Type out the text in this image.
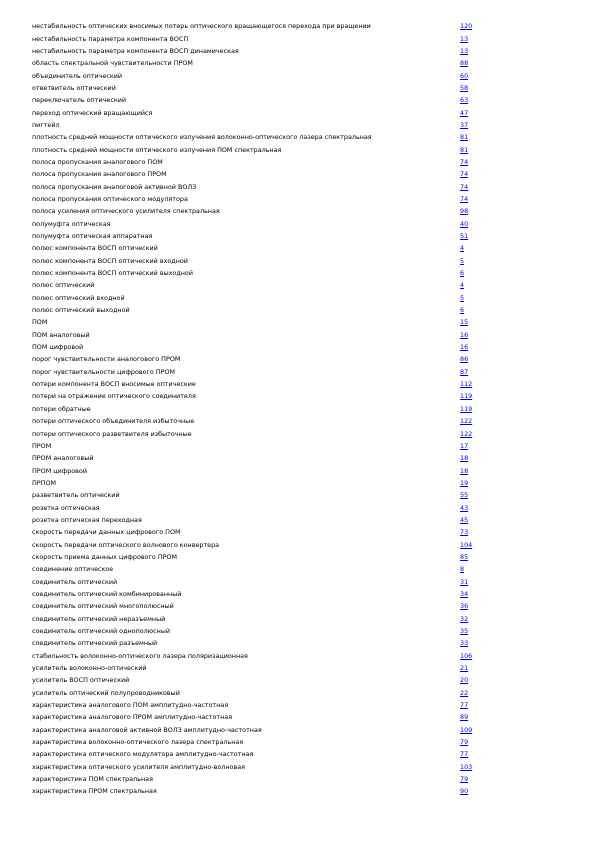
нестабильность оптических вносимых потерь оптического вращающегося перехода при вращении	120
нестабильность параметра компонента ВОСП	13
нестабильность параметра компонента ВОСП динамическая	13
область спектральной чувствительности ПРОМ	88
объединитель оптический	60
ответвитель оптический	58
переключатель оптический	63
переход оптический вращающийся	47
пигтейл	37
плотность средней мощности оптического излучения волоконно-оптического лазера спектральная	81
плотность средней мощности оптического излучения ПОМ спектральная	81
полоса пропускания аналогового ПОМ	74
полоса пропускания аналогового ПРОМ	74
полоса пропускания аналоговой активной ВОЛЗ	74
полоса пропускания оптического модулятора	74
полоса усиления оптического усилителя спектральная	98
полумуфта оптическая	40
полумуфта оптическая аппаратная	51
полюс компонента ВОСП оптический	4
полюс компонента ВОСП оптический входной	5
полюс компонента ВОСП оптический выходной	6
полюс оптический	4
полюс оптический входной	5
полюс оптический выходной	6
ПОМ	15
ПОМ аналоговый	16
ПОМ цифровой	16
порог чувствительности аналогового ПРОМ	86
порог чувствительности цифрового ПРОМ	87
потери компонента ВОСП вносимые оптические	112
потери на отражение оптического соединителя	119
потери обратные	119
потери оптического объединителя избыточные	122
потери оптического разветвителя избыточные	122
ПРОМ	17
ПРОМ аналоговый	18
ПРОМ цифровой	18
ПРПОМ	19
разветвитель оптический	55
розетка оптическая	43
розетка оптическая переходная	45
скорость передачи данных цифрового ПОМ	73
скорость передачи оптического волнового конвертера	104
скорость приема данных цифрового ПРОМ	85
соединение оптическое	8
соединитель оптический	31
соединитель оптический комбинированный	34
соединитель оптический многополюсный	36
соединитель оптический неразъемный	32
соединитель оптический однополюсный	35
соединитель оптический разъемный	33
стабильность волоконно-оптического лазера поляризационная	106
усилитель волоконно-оптический	21
усилитель ВОСП оптический	20
усилитель оптический полупроводниковый	22
характеристика аналогового ПОМ амплитудно-частотная	77
характеристика аналогового ПРОМ амплитудно-частотная	89
характеристика аналоговой активной ВОЛЗ амплитудно-частотная	109
характеристика волоконно-оптического лазера спектральная	79
характеристика оптического модулятора амплитудно-частотная	77
характеристика оптического усилителя амплитудно-волновая	103
характеристика ПОМ спектральная	79
характеристика ПРОМ спектральная	90
